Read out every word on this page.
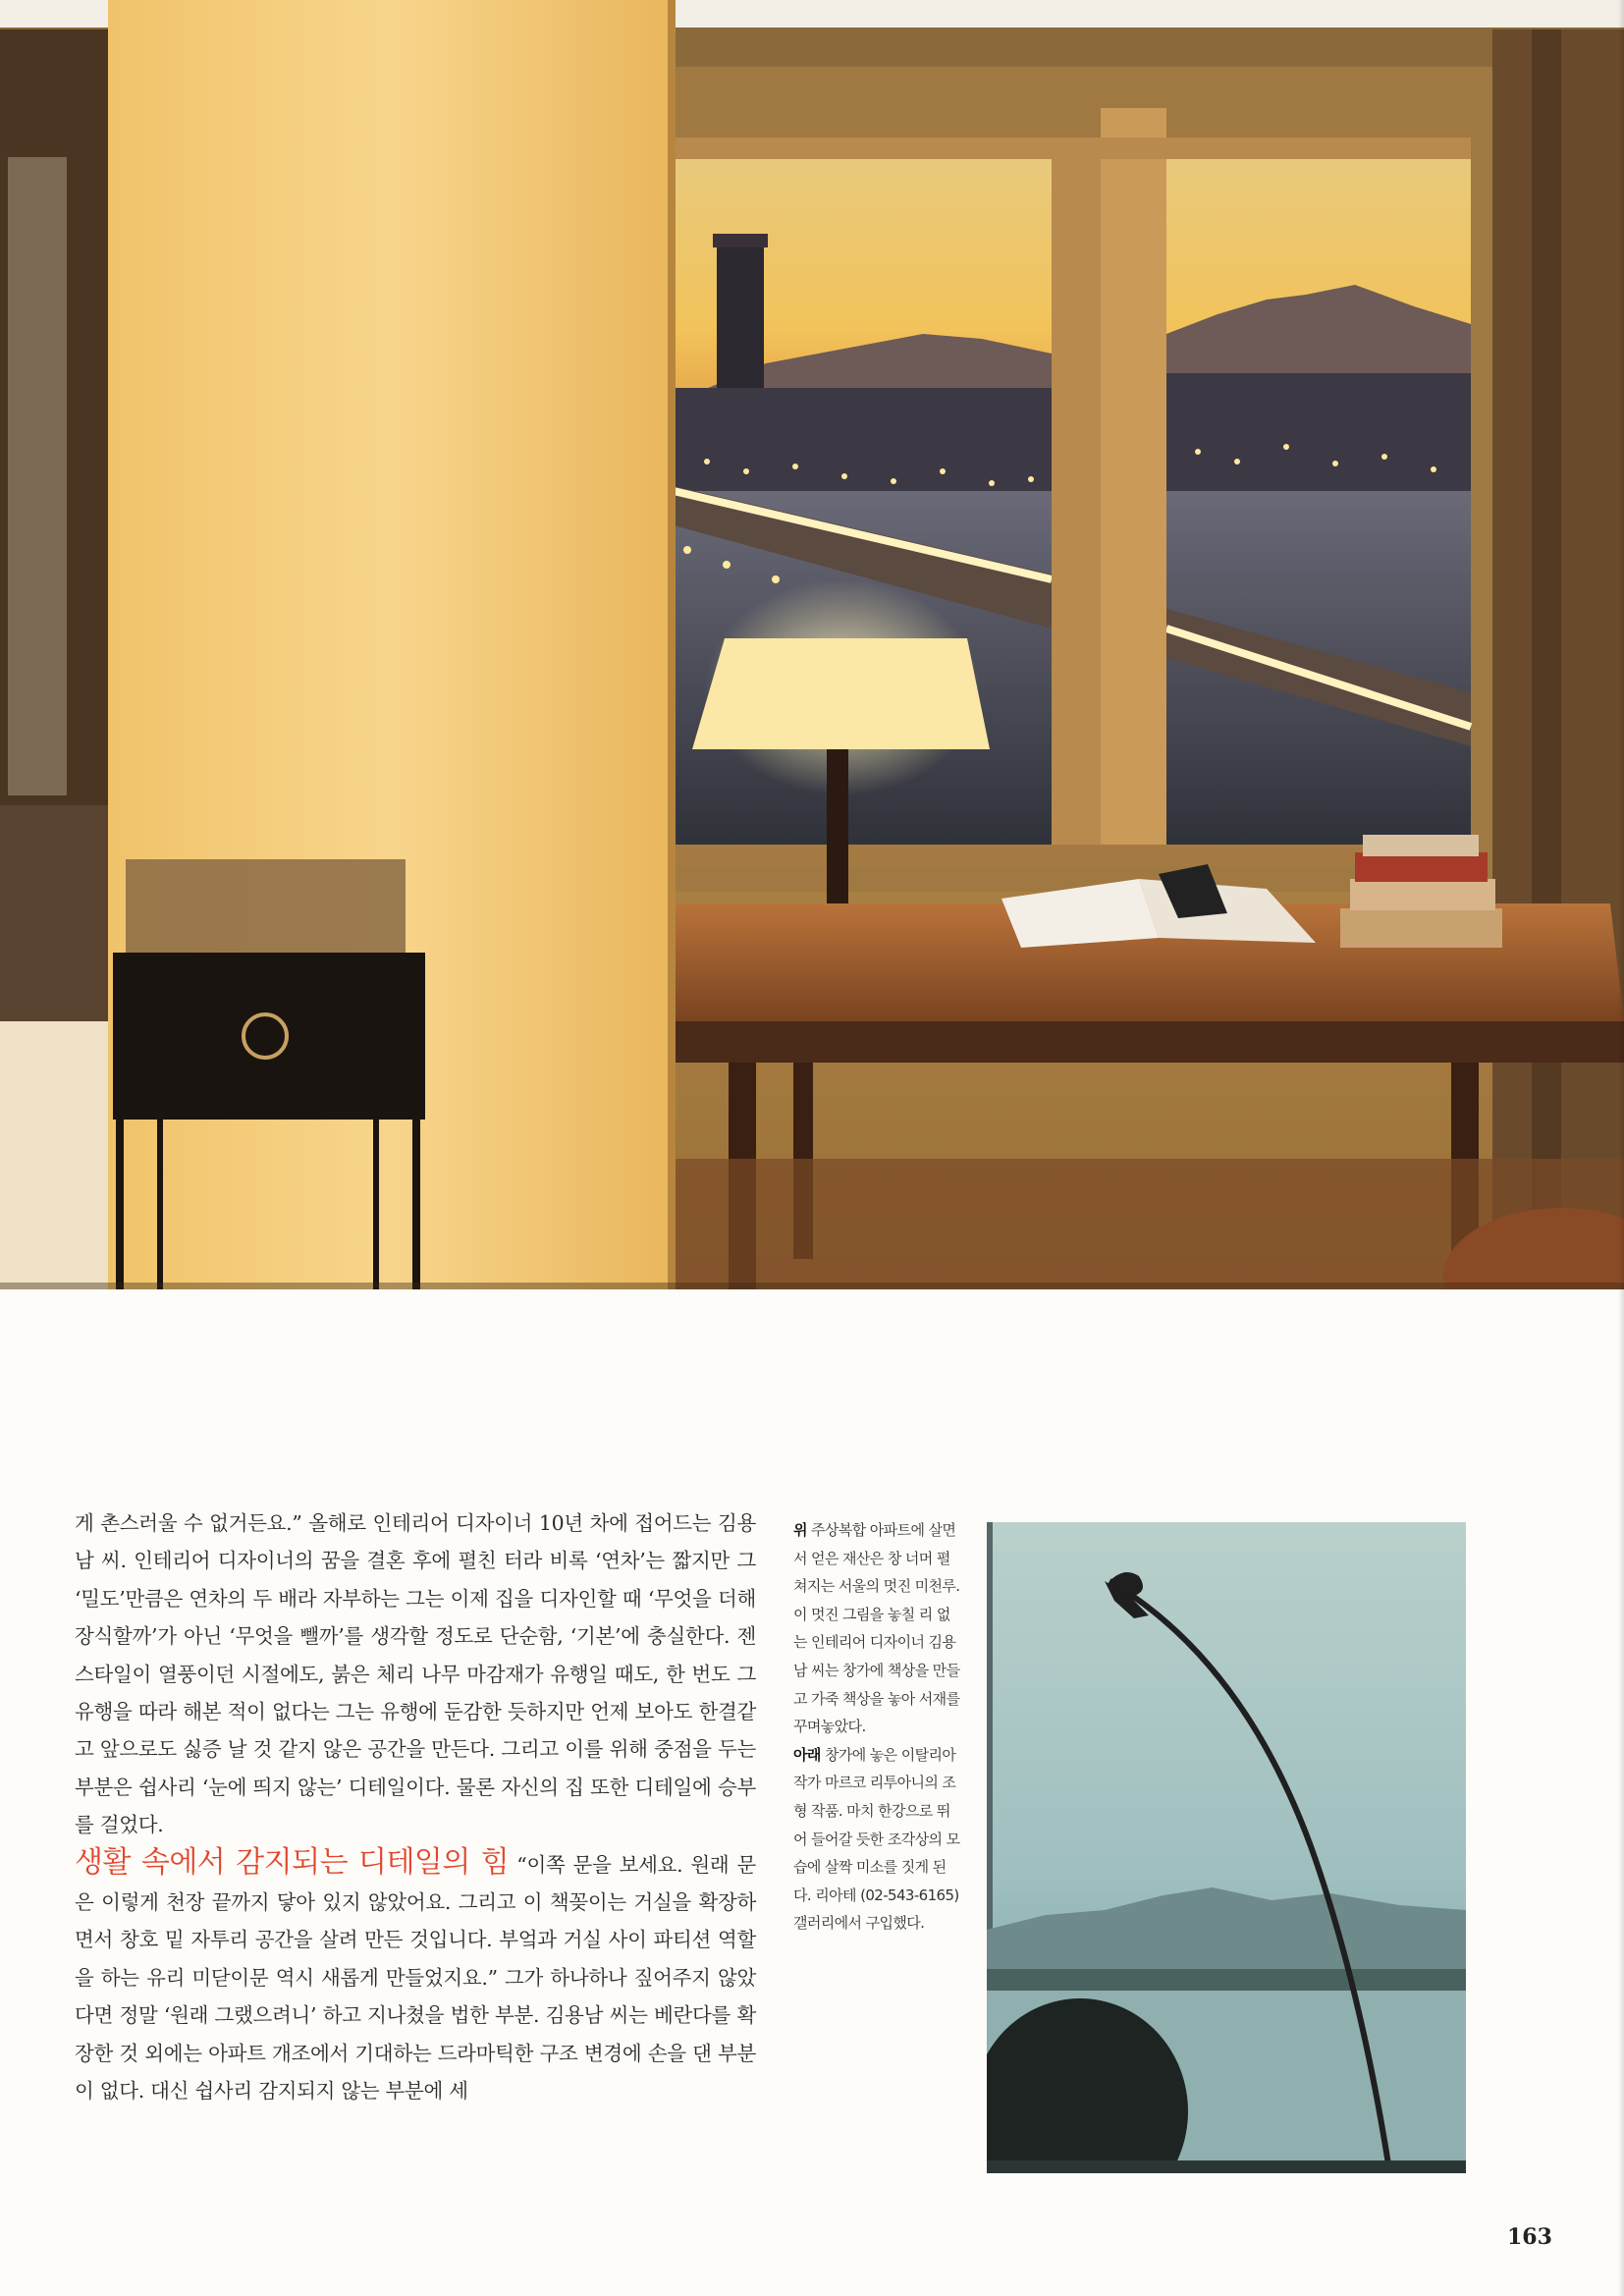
게 촌스러울 수 없거든요.” 올해로 인테리어 디자이너 10년 차에 접어드는 김용남 씨. 인테리어 디자이너의 꿈을 결혼 후에 펼친 터라 비록 ‘연차’는 짧지만 그 ‘밀도’만큼은 연차의 두 배라 자부하는 그는 이제 집을 디자인할 때 ‘무엇을 더해 장식할까’가 아닌 ‘무엇을 뺄까’를 생각할 정도로 단순함, ‘기본’에 충실한다. 젠 스타일이 열풍이던 시절에도, 붉은 체리 나무 마감재가 유행일 때도, 한 번도 그 유행을 따라 해본 적이 없다는 그는 유행에 둔감한 듯하지만 언제 보아도 한결같고 앞으로도 싫증 날 것 같지 않은 공간을 만든다. 그리고 이를 위해 중점을 두는 부분은 쉽사리 ‘눈에 띄지 않는’ 디테일이다. 물론 자신의 집 또한 디테일에 승부를 걸었다.

생활 속에서 감지되는 디테일의 힘 “이쪽 문을 보세요. 원래 문은 이렇게 천장 끝까지 닿아 있지 않았어요. 그리고 이 책꽂이는 거실을 확장하면서 창호 밑 자투리 공간을 살려 만든 것입니다. 부엌과 거실 사이 파티션 역할을 하는 유리 미닫이문 역시 새롭게 만들었지요.” 그가 하나하나 짚어주지 않았다면 정말 ‘원래 그랬으려니’ 하고 지나쳤을 법한 부분. 김용남 씨는 베란다를 확장한 것 외에는 아파트 개조에서 기대하는 드라마틱한 구조 변경에 손을 댄 부분이 없다. 대신 쉽사리 감지되지 않는 부분에 세

위 주상복합 아파트에 살면서 얻은 재산은 창 너머 펼쳐지는 서울의 멋진 미천루. 이 멋진 그림을 놓칠 리 없는 인테리어 디자이너 김용남 씨는 창가에 책상을 만들고 가죽 책상을 놓아 서재를 꾸며놓았다.

아래 창가에 놓은 이탈리아 작가 마르코 리투아니의 조형 작품. 마치 한강으로 뛰어 들어갈 듯한 조각상의 모습에 살짝 미소를 짓게 된다. 리아테 (02-543-6165) 갤러리에서 구입했다.

163
